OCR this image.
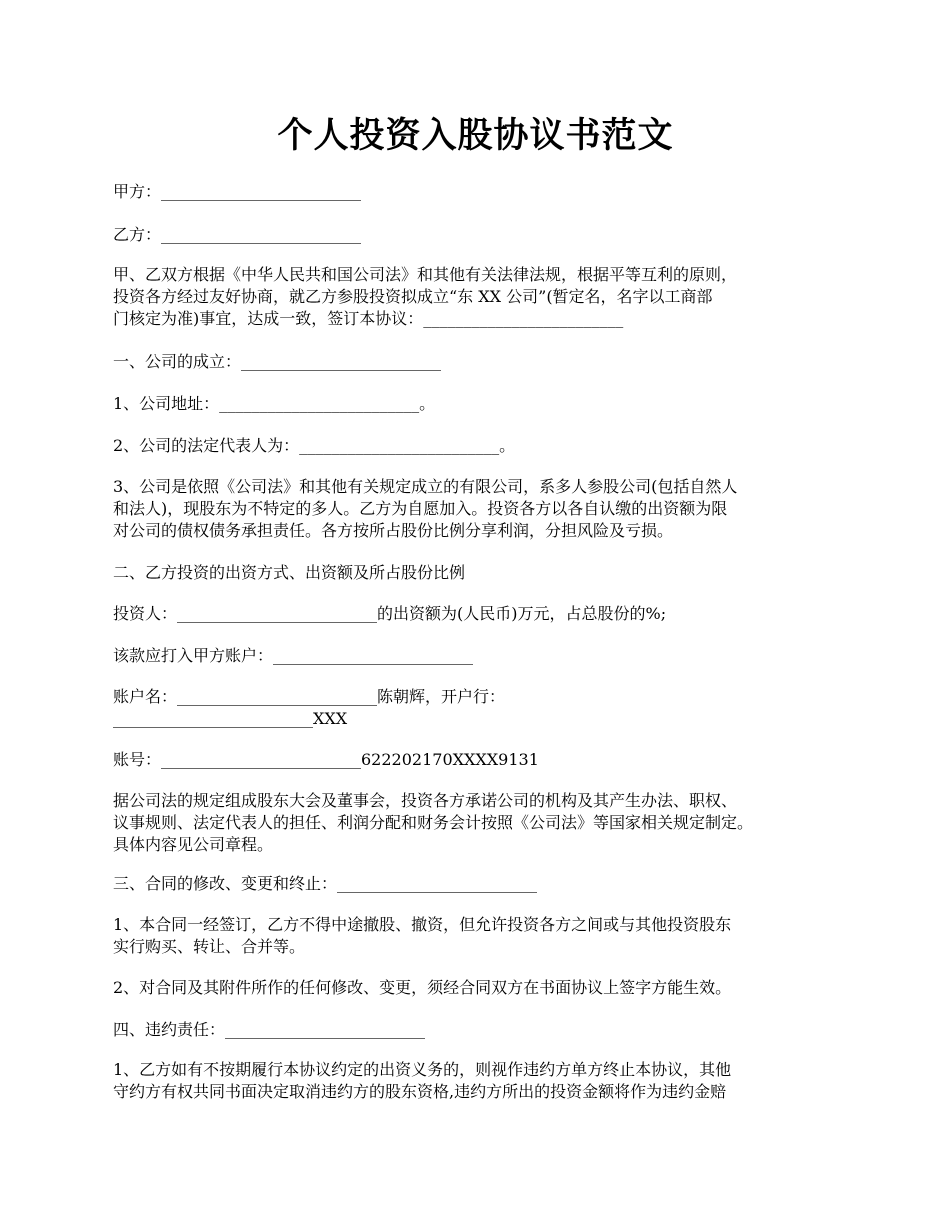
个人投资入股协议书范文
甲方：_________________________
乙方：_________________________
甲、乙双方根据《中华人民共和国公司法》和其他有关法律法规，根据平等互利的原则，
投资各方经过友好协商，就乙方参股投资拟成立“东 XX 公司”(暂定名，名字以工商部
门核定为准)事宜，达成一致，签订本协议：_________________________
一、公司的成立：_________________________
1、公司地址：_________________________。
2、公司的法定代表人为：_________________________。
3、公司是依照《公司法》和其他有关规定成立的有限公司，系多人参股公司(包括自然人
和法人)，现股东为不特定的多人。乙方为自愿加入。投资各方以各自认缴的出资额为限
对公司的债权债务承担责任。各方按所占股份比例分享利润，分担风险及亏损。
二、乙方投资的出资方式、出资额及所占股份比例
投资人：_________________________的出资额为(人民币)万元，占总股份的%;
该款应打入甲方账户：_________________________
账户名：_________________________陈朝辉，开户行：
_________________________XXX
账号：_________________________622202170XXXX9131
据公司法的规定组成股东大会及董事会，投资各方承诺公司的机构及其产生办法、职权、
议事规则、法定代表人的担任、利润分配和财务会计按照《公司法》等国家相关规定制定。
具体内容见公司章程。
三、合同的修改、变更和终止：_________________________
1、本合同一经签订，乙方不得中途撤股、撤资，但允许投资各方之间或与其他投资股东
实行购买、转让、合并等。
2、对合同及其附件所作的任何修改、变更，须经合同双方在书面协议上签字方能生效。
四、违约责任：_________________________
1、乙方如有不按期履行本协议约定的出资义务的，则视作违约方单方终止本协议，其他
守约方有权共同书面决定取消违约方的股东资格,违约方所出的投资金额将作为违约金赔
